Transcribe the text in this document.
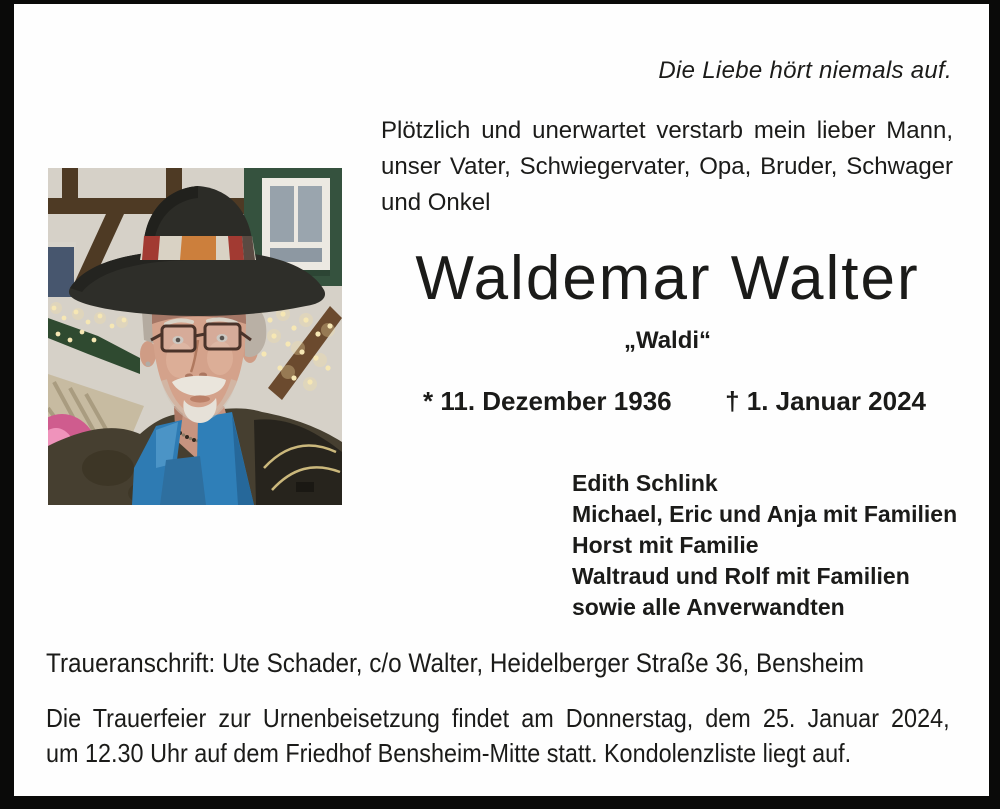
Die Liebe hört niemals auf.
Plötzlich und unerwartet verstarb mein lieber Mann,
unser Vater, Schwiegervater, Opa, Bruder, Schwager
und Onkel
Waldemar Walter
„Waldi“
* 11. Dezember 1936 † 1. Januar 2024
Edith Schlink
Michael, Eric und Anja mit Familien
Horst mit Familie
Waltraud und Rolf mit Familien
sowie alle Anverwandten
Traueranschrift: Ute Schader, c/o Walter, Heidelberger Straße 36, Bensheim
Die Trauerfeier zur Urnenbeisetzung findet am Donnerstag, dem 25. Januar 2024,
um 12.30 Uhr auf dem Friedhof Bensheim-Mitte statt. Kondolenzliste liegt auf.
